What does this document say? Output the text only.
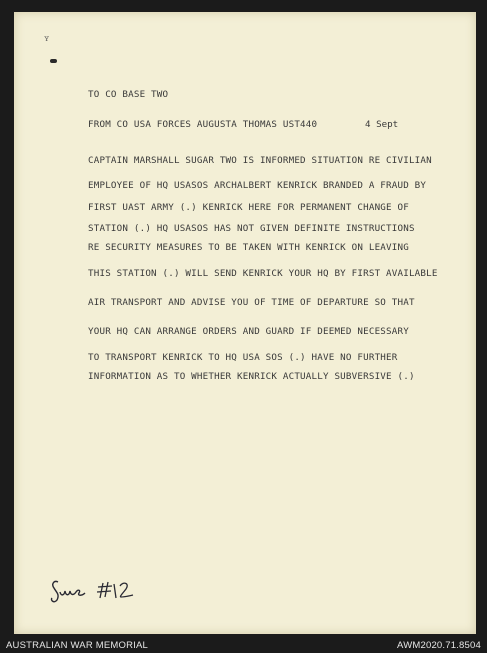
ʏ
TO CO BASE TWO
FROM CO USA FORCES AUGUSTA THOMAS UST440	4 Sept
CAPTAIN MARSHALL SUGAR TWO IS INFORMED SITUATION RE CIVILIAN
EMPLOYEE OF HQ USASOS ARCHALBERT KENRICK BRANDED A FRAUD BY
FIRST UAST ARMY (.) KENRICK HERE FOR PERMANENT CHANGE OF
STATION (.) HQ USASOS HAS NOT GIVEN DEFINITE INSTRUCTIONS
RE SECURITY MEASURES TO BE TAKEN WITH KENRICK ON LEAVING
THIS STATION (.) WILL SEND KENRICK YOUR HQ BY FIRST AVAILABLE
AIR TRANSPORT AND ADVISE YOU OF TIME OF DEPARTURE SO THAT
YOUR HQ CAN ARRANGE ORDERS AND GUARD IF DEEMED NECESSARY
TO TRANSPORT KENRICK TO HQ USA SOS (.) HAVE NO FURTHER
INFORMATION AS TO WHETHER KENRICK ACTUALLY SUBVERSIVE (.)
AUSTRALIAN WAR MEMORIAL	AWM2020.71.8504
